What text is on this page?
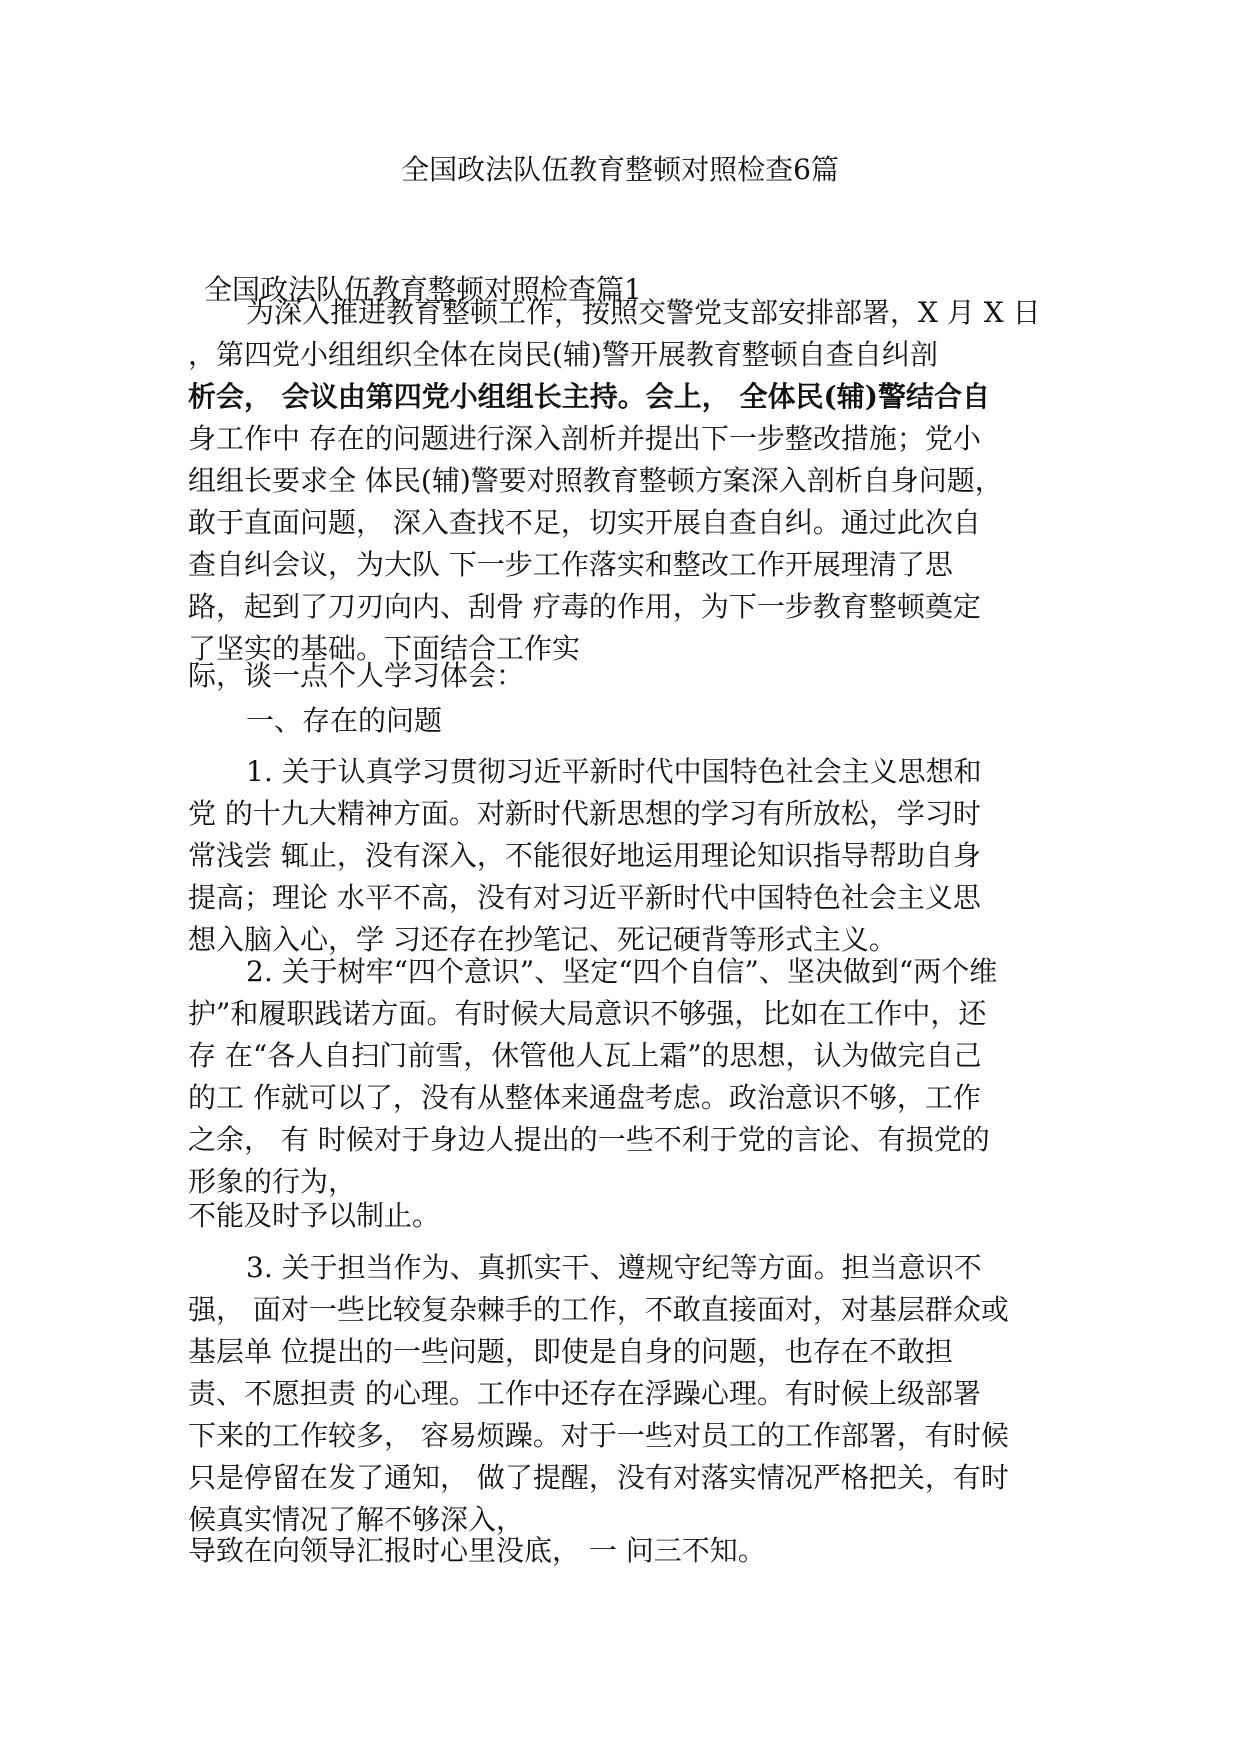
全国政法队伍教育整顿对照检查6篇
全国政法队伍教育整顿对照检查篇1

为深入推进教育整顿工作，按照交警党支部安排部署，X 月 X 日
，第四党小组组织全体在岗民(辅)警开展教育整顿自查自纠剖
析会， 会议由第四党小组组长主持。会上， 全体民(辅)警结合自
身工作中 存在的问题进行深入剖析并提出下一步整改措施；党小
组组长要求全 体民(辅)警要对照教育整顿方案深入剖析自身问题，
敢于直面问题， 深入查找不足，切实开展自查自纠。通过此次自
查自纠会议，为大队 下一步工作落实和整改工作开展理清了思
路，起到了刀刃向内、刮骨 疗毒的作用，为下一步教育整顿奠定
了坚实的基础。下面结合工作实

际，谈一点个人学习体会：

一、存在的问题

1. 关于认真学习贯彻习近平新时代中国特色社会主义思想和
党 的十九大精神方面。对新时代新思想的学习有所放松，学习时
常浅尝 辄止，没有深入，不能很好地运用理论知识指导帮助自身
提高；理论 水平不高，没有对习近平新时代中国特色社会主义思
想入脑入心，学 习还存在抄笔记、死记硬背等形式主义。

2. 关于树牢“四个意识”、坚定“四个自信”、坚决做到“两个维
护”和履职践诺方面。有时候大局意识不够强，比如在工作中，还
存 在“各人自扫门前雪，休管他人瓦上霜”的思想，认为做完自己
的工 作就可以了，没有从整体来通盘考虑。政治意识不够，工作
之余， 有 时候对于身边人提出的一些不利于党的言论、有损党的
形象的行为，

不能及时予以制止。

3. 关于担当作为、真抓实干、遵规守纪等方面。担当意识不
强， 面对一些比较复杂棘手的工作，不敢直接面对，对基层群众或
基层单 位提出的一些问题，即使是自身的问题，也存在不敢担
责、不愿担责 的心理。工作中还存在浮躁心理。有时候上级部署
下来的工作较多， 容易烦躁。对于一些对员工的工作部署，有时候
只是停留在发了通知， 做了提醒，没有对落实情况严格把关，有时
候真实情况了解不够深入，

导致在向领导汇报时心里没底， 一 问三不知。
